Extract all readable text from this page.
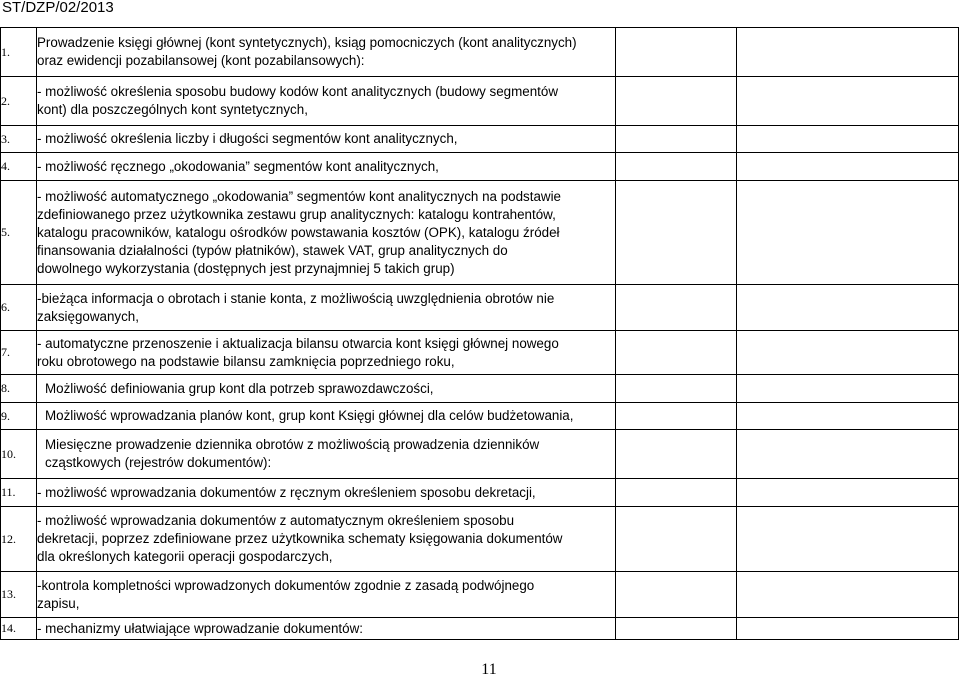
ST/DZP/02/2013
1.	Prowadzenie księgi głównej (kont syntetycznych), ksiąg pomocniczych (kont analitycznych)
oraz ewidencji pozabilansowej (kont pozabilansowych):		
2.	- możliwość określenia sposobu budowy kodów kont analitycznych (budowy segmentów
kont) dla poszczególnych kont syntetycznych,		
3.	- możliwość określenia liczby i długości segmentów kont analitycznych,		
4.	- możliwość ręcznego „okodowania” segmentów kont analitycznych,		
5.	- możliwość automatycznego „okodowania” segmentów kont analitycznych na podstawie
zdefiniowanego przez użytkownika zestawu grup analitycznych: katalogu kontrahentów,
katalogu pracowników, katalogu ośrodków powstawania kosztów (OPK), katalogu źródeł
finansowania działalności (typów płatników), stawek VAT, grup analitycznych do
dowolnego wykorzystania (dostępnych jest przynajmniej 5 takich grup)		
6.	-bieżąca informacja o obrotach i stanie konta, z możliwością uwzględnienia obrotów nie
zaksięgowanych,		
7.	- automatyczne przenoszenie i aktualizacja bilansu otwarcia kont księgi głównej nowego
roku obrotowego na podstawie bilansu zamknięcia poprzedniego roku,		
8.	Możliwość definiowania grup kont dla potrzeb sprawozdawczości,		
9.	Możliwość wprowadzania planów kont, grup kont Księgi głównej dla celów budżetowania,		
10.	Miesięczne prowadzenie dziennika obrotów z możliwością prowadzenia dzienników
cząstkowych (rejestrów dokumentów):		
11.	- możliwość wprowadzania dokumentów z ręcznym określeniem sposobu dekretacji,		
12.	- możliwość wprowadzania dokumentów z automatycznym określeniem sposobu
dekretacji, poprzez zdefiniowane przez użytkownika schematy księgowania dokumentów
dla określonych kategorii operacji gospodarczych,		
13.	-kontrola kompletności wprowadzonych dokumentów zgodnie z zasadą podwójnego
zapisu,		
14.	- mechanizmy ułatwiające wprowadzanie dokumentów:		
11
